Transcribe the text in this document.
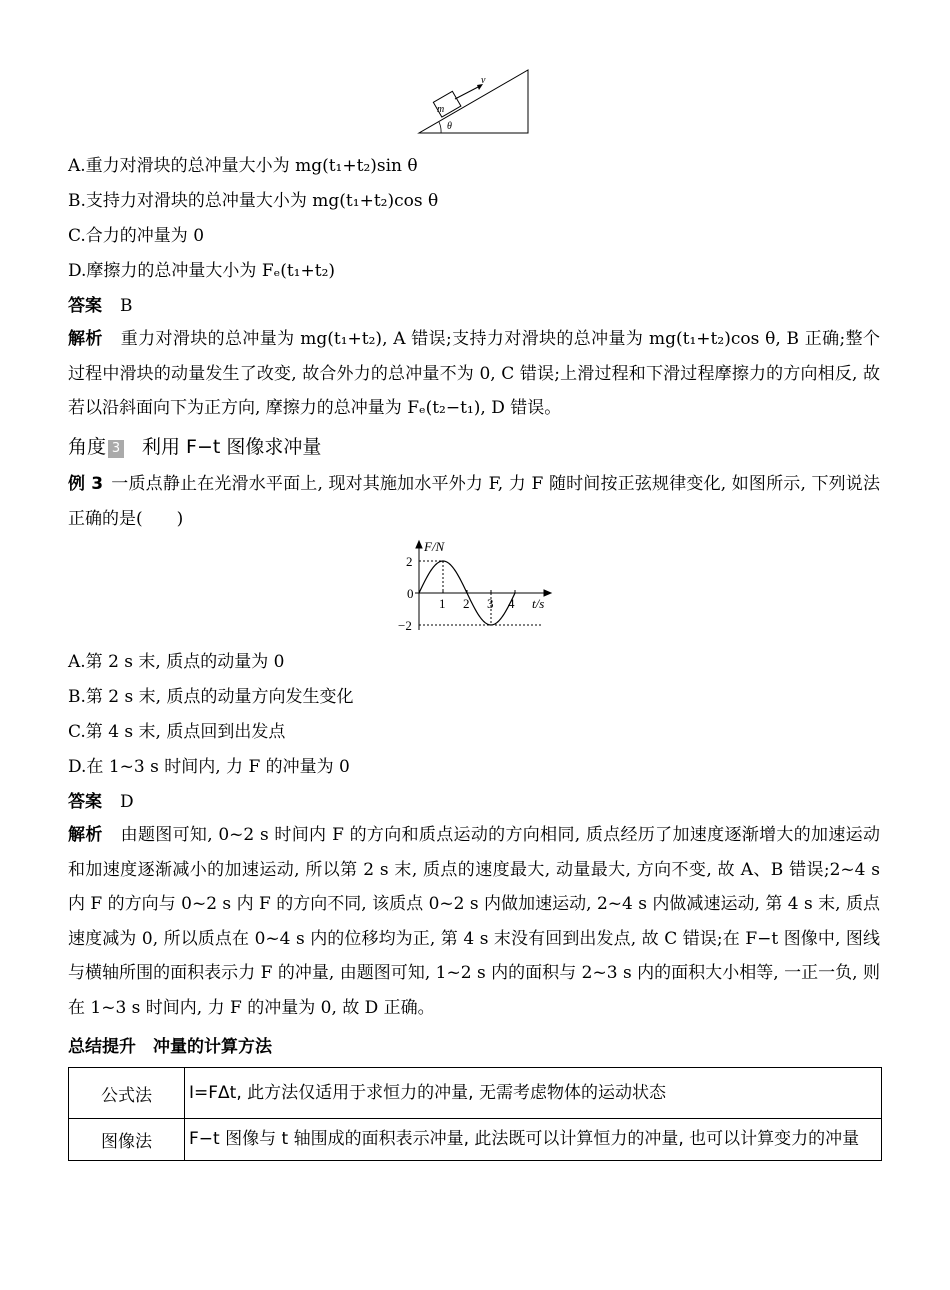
m
v
θ
A.重力对滑块的总冲量大小为 mg(t₁+t₂)sin θ
B.支持力对滑块的总冲量大小为 mg(t₁+t₂)cos θ
C.合力的冲量为 0
D.摩擦力的总冲量大小为 Fₑ(t₁+t₂)
答案 B
解析 重力对滑块的总冲量为 mg(t₁+t₂), A 错误;支持力对滑块的总冲量为 mg(t₁+t₂)cos θ, B 正确;整个过程中滑块的动量发生了改变, 故合外力的总冲量不为 0, C 错误;上滑过程和下滑过程摩擦力的方向相反, 故若以沿斜面向下为正方向, 摩擦力的总冲量为 Fₑ(t₂−t₁), D 错误。
角度 3 利用 F−t 图像求冲量
例 3 一质点静止在光滑水平面上, 现对其施加水平外力 F, 力 F 随时间按正弦规律变化, 如图所示, 下列说法正确的是(　　)
1 2 3 4
2
−2
0
F/N
t/s
A.第 2 s 末, 质点的动量为 0
B.第 2 s 末, 质点的动量方向发生变化
C.第 4 s 末, 质点回到出发点
D.在 1~3 s 时间内, 力 F 的冲量为 0
答案 D
解析 由题图可知, 0~2 s 时间内 F 的方向和质点运动的方向相同, 质点经历了加速度逐渐增大的加速运动和加速度逐渐减小的加速运动, 所以第 2 s 末, 质点的速度最大, 动量最大, 方向不变, 故 A、B 错误;2~4 s 内 F 的方向与 0~2 s 内 F 的方向不同, 该质点 0~2 s 内做加速运动, 2~4 s 内做减速运动, 第 4 s 末, 质点速度减为 0, 所以质点在 0~4 s 内的位移均为正, 第 4 s 末没有回到出发点, 故 C 错误;在 F−t 图像中, 图线与横轴所围的面积表示力 F 的冲量, 由题图可知, 1~2 s 内的面积与 2~3 s 内的面积大小相等, 一正一负, 则在 1~3 s 时间内, 力 F 的冲量为 0, 故 D 正确。
总结提升　冲量的计算方法
公式法	I=FΔt, 此方法仅适用于求恒力的冲量, 无需考虑物体的运动状态
图像法	F−t 图像与 t 轴围成的面积表示冲量, 此法既可以计算恒力的冲量, 也可以计算变力的冲量
